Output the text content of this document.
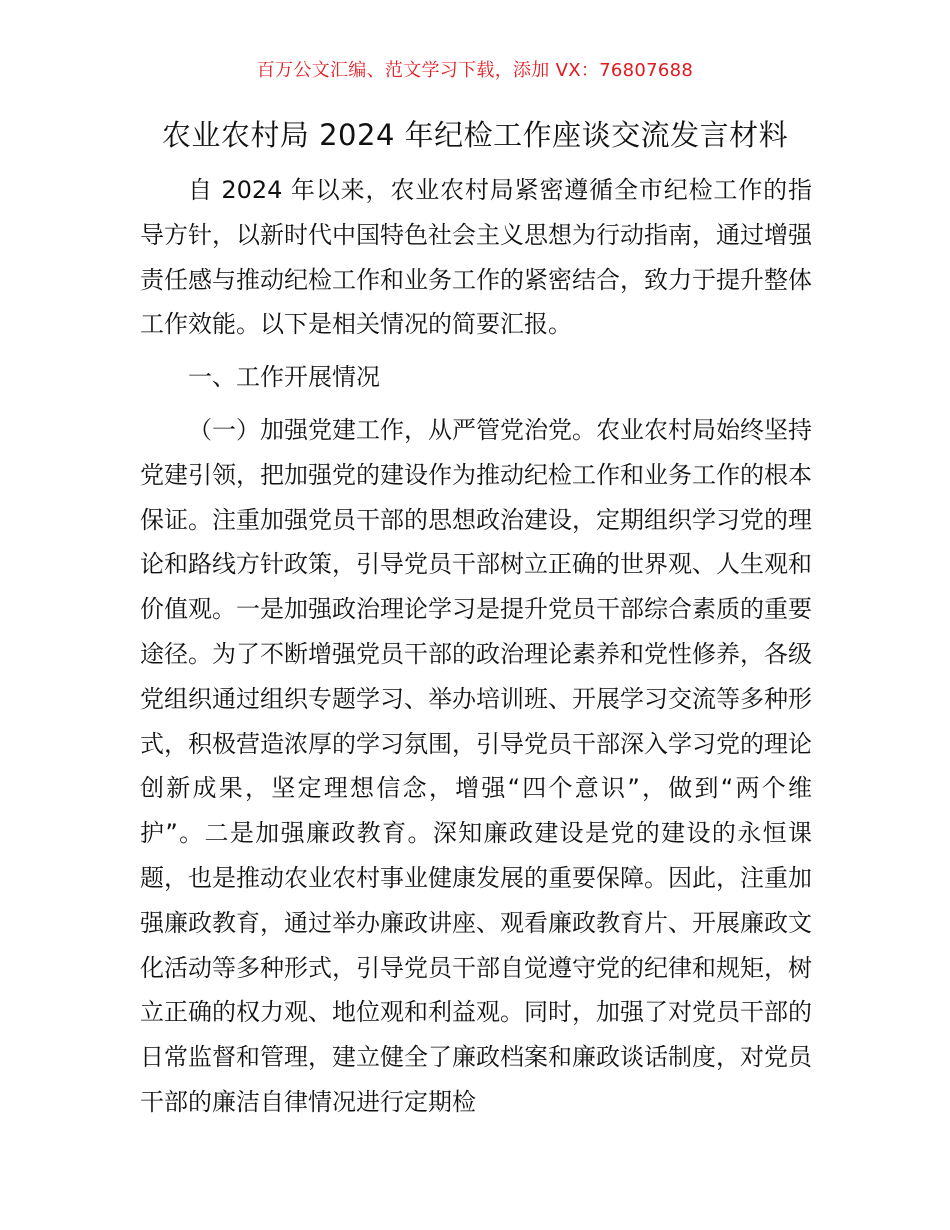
百万公文汇编、范文学习下载，添加 VX：76807688
农业农村局 2024 年纪检工作座谈交流发言材料

自 2024 年以来，农业农村局紧密遵循全市纪检工作的指导方针，以新时代中国特色社会主义思想为行动指南，通过增强责任感与推动纪检工作和业务工作的紧密结合，致力于提升整体工作效能。以下是相关情况的简要汇报。

一、工作开展情况

（一）加强党建工作，从严管党治党。农业农村局始终坚持党建引领，把加强党的建设作为推动纪检工作和业务工作的根本保证。注重加强党员干部的思想政治建设，定期组织学习党的理论和路线方针政策，引导党员干部树立正确的世界观、人生观和价值观。一是加强政治理论学习是提升党员干部综合素质的重要途径。为了不断增强党员干部的政治理论素养和党性修养，各级党组织通过组织专题学习、举办培训班、开展学习交流等多种形式，积极营造浓厚的学习氛围，引导党员干部深入学习党的理论创新成果，坚定理想信念，增强“四个意识”，做到“两个维护”。二是加强廉政教育。深知廉政建设是党的建设的永恒课题，也是推动农业农村事业健康发展的重要保障。因此，注重加强廉政教育，通过举办廉政讲座、观看廉政教育片、开展廉政文化活动等多种形式，引导党员干部自觉遵守党的纪律和规矩，树立正确的权力观、地位观和利益观。同时，加强了对党员干部的日常监督和管理，建立健全了廉政档案和廉政谈话制度，对党员干部的廉洁自律情况进行定期检
